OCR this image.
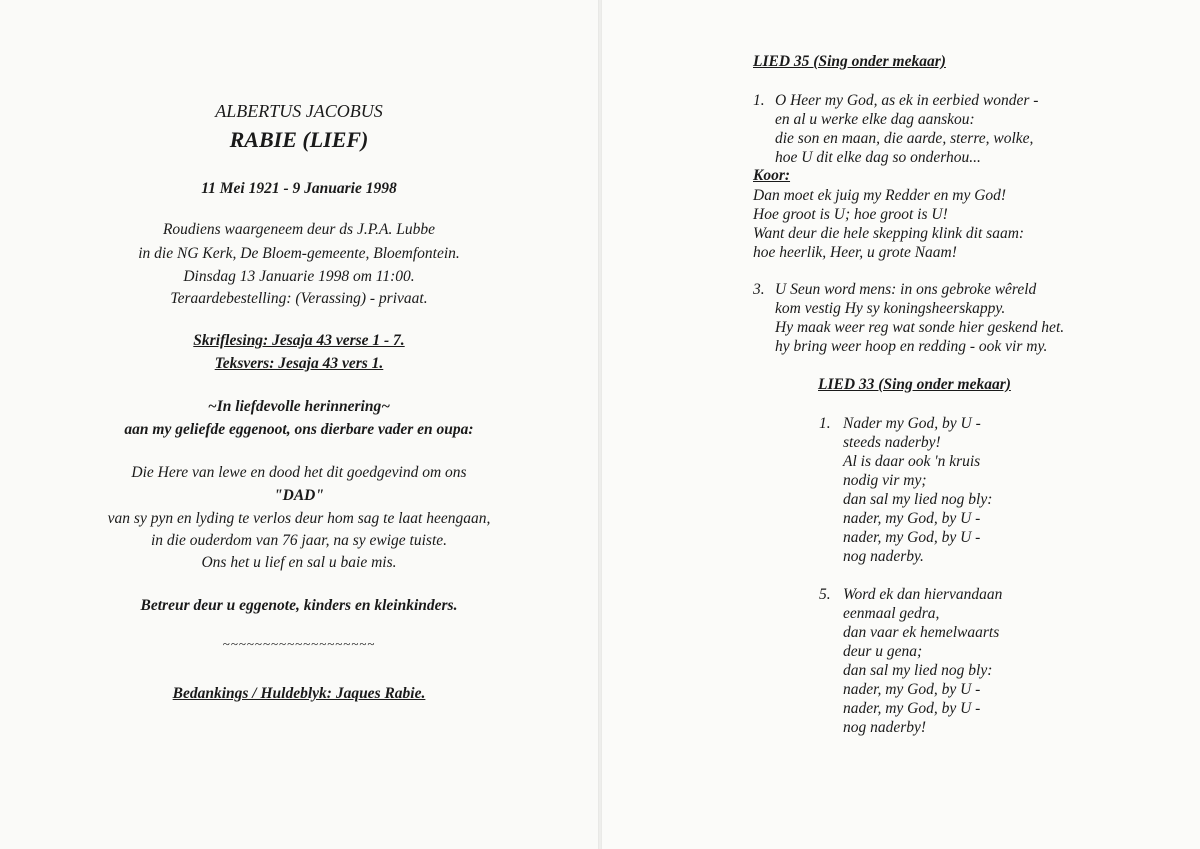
ALBERTUS JACOBUS
RABIE (LIEF)
11 Mei 1921 - 9 Januarie 1998
Roudiens waargeneem deur ds J.P.A. Lubbe
in die NG Kerk, De Bloem-gemeente, Bloemfontein.
Dinsdag 13 Januarie 1998 om 11:00.
Teraardebestelling: (Verassing) - privaat.
Skriflesing: Jesaja 43 verse 1 - 7.
Teksvers: Jesaja 43 vers 1.
~In liefdevolle herinnering~
aan my geliefde eggenoot, ons dierbare vader en oupa:
Die Here van lewe en dood het dit goedgevind om ons
"DAD"
van sy pyn en lyding te verlos deur hom sag te laat heengaan,
in die ouderdom van 76 jaar, na sy ewige tuiste.
Ons het u lief en sal u baie mis.
Betreur deur u eggenote, kinders en kleinkinders.
~~~~~~~~~~~~~~~~~~~
Bedankings / Huldeblyk: Jaques Rabie.
LIED 35 (Sing onder mekaar)
1. O Heer my God, as ek in eerbied wonder -
en al u werke elke dag aanskou:
die son en maan, die aarde, sterre, wolke,
hoe U dit elke dag so onderhou...
Koor:
Dan moet ek juig my Redder en my God!
Hoe groot is U; hoe groot is U!
Want deur die hele skepping klink dit saam:
hoe heerlik, Heer, u grote Naam!
3. U Seun word mens: in ons gebroke wêreld
kom vestig Hy sy koningsheerskappy.
Hy maak weer reg wat sonde hier geskend het.
hy bring weer hoop en redding - ook vir my.
LIED 33 (Sing onder mekaar)
1. Nader my God, by U -
steeds naderby!
Al is daar ook 'n kruis
nodig vir my;
dan sal my lied nog bly:
nader, my God, by U -
nader, my God, by U -
nog naderby.
5. Word ek dan hiervandaan
eenmaal gedra,
dan vaar ek hemelwaarts
deur u gena;
dan sal my lied nog bly:
nader, my God, by U -
nader, my God, by U -
nog naderby!
